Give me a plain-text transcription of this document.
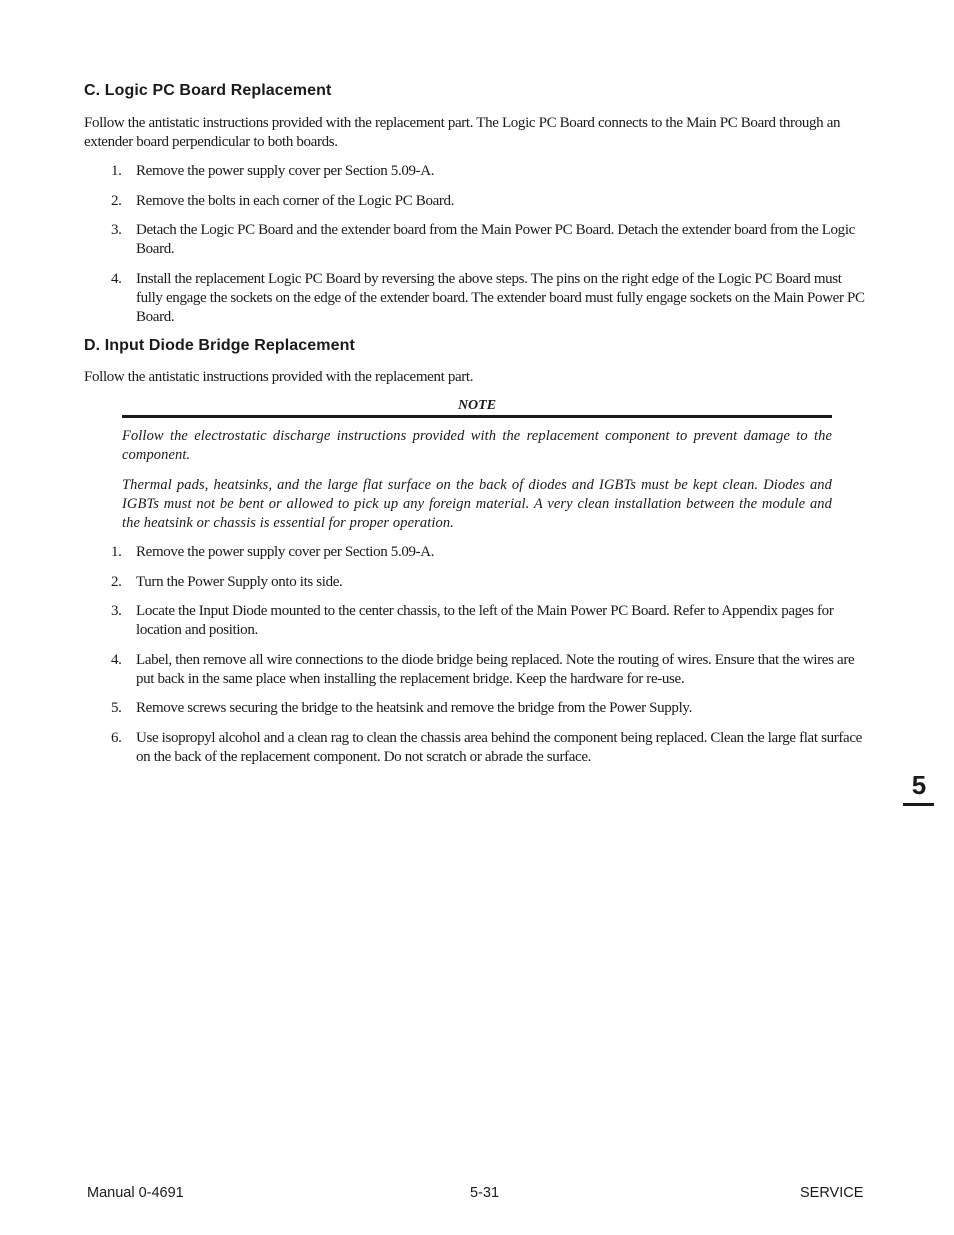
C. Logic PC Board Replacement
Follow the antistatic instructions provided with the replacement part. The Logic PC Board connects to the Main PC Board through an extender board perpendicular to both boards.
1. Remove the power supply cover per Section 5.09-A.
2. Remove the bolts in each corner of the Logic PC Board.
3. Detach the Logic PC Board and the extender board from the Main Power PC Board. Detach the extender board from the Logic Board.
4. Install the replacement Logic PC Board by reversing the above steps. The pins on the right edge of the Logic PC Board must fully engage the sockets on the edge of the extender board. The extender board must fully engage sockets on the Main Power PC Board.
D. Input Diode Bridge Replacement
Follow the antistatic instructions provided with the replacement part.
NOTE

Follow the electrostatic discharge instructions provided with the replacement component to prevent damage to the component.

Thermal pads, heatsinks, and the large flat surface on the back of diodes and IGBTs must be kept clean. Diodes and IGBTs must not be bent or allowed to pick up any foreign material. A very clean installation between the module and the heatsink or chassis is essential for proper operation.

1. Remove the power supply cover per Section 5.09-A.
2. Turn the Power Supply onto its side.
3. Locate the Input Diode mounted to the center chassis, to the left of the Main Power PC Board. Refer to Appendix pages for location and position.
4. Label, then remove all wire connections to the diode bridge being replaced. Note the routing of wires. Ensure that the wires are put back in the same place when installing the replacement bridge. Keep the hardware for re-use.
5. Remove screws securing the bridge to the heatsink and remove the bridge from the Power Supply.
6. Use isopropyl alcohol and a clean rag to clean the chassis area behind the component being replaced. Clean the large flat surface on the back of the replacement component. Do not scratch or abrade the surface.
5
Manual 0-4691	5-31	SERVICE
